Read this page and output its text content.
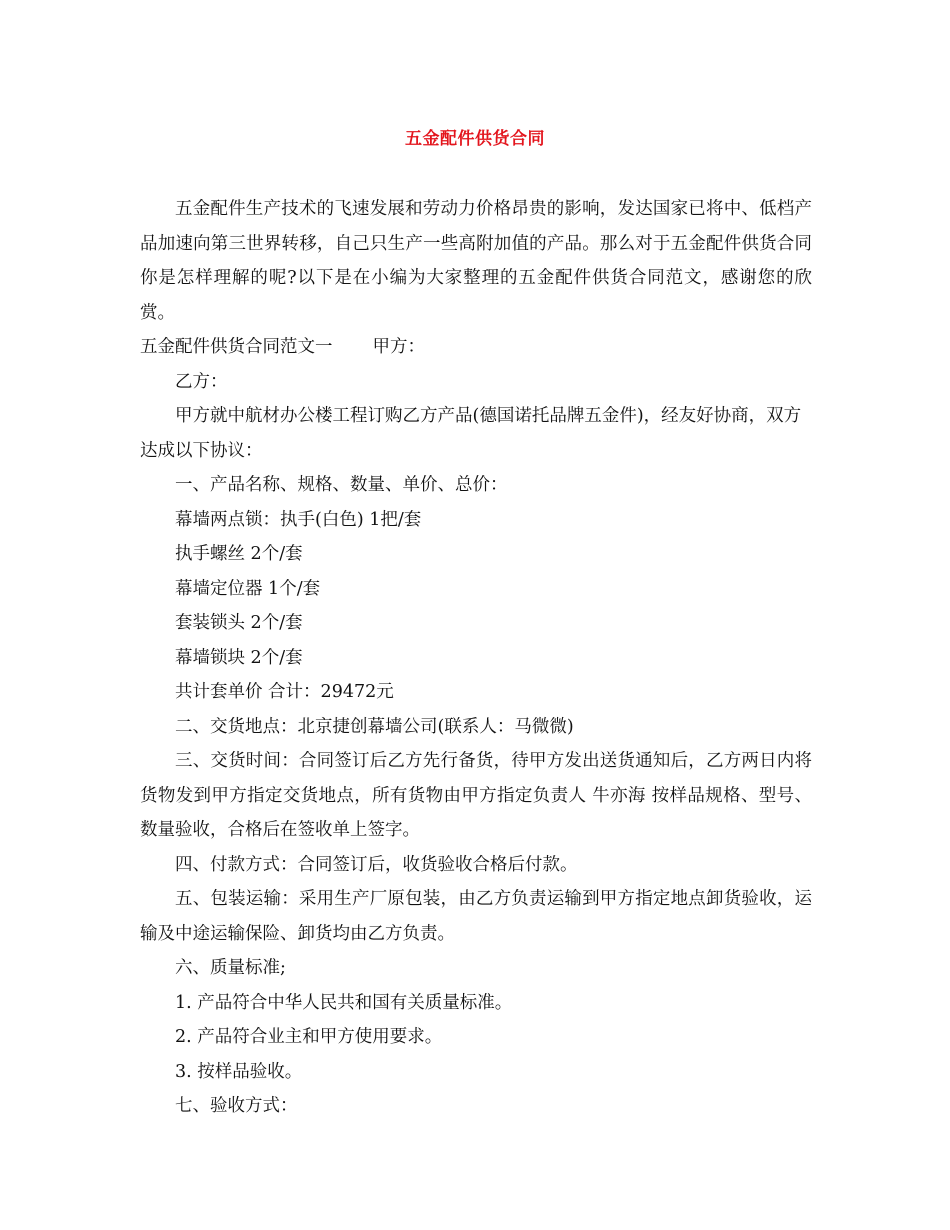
五金配件供货合同

五金配件生产技术的飞速发展和劳动力价格昂贵的影响，发达国家已将中、低档产品加速向第三世界转移，自己只生产一些高附加值的产品。那么对于五金配件供货合同你是怎样理解的呢?以下是在小编为大家整理的五金配件供货合同范文，感谢您的欣赏。

五金配件供货合同范文一 甲方：

乙方：

甲方就中航材办公楼工程订购乙方产品(德国诺托品牌五金件)，经友好协商，双方达成以下协议：

一、产品名称、规格、数量、单价、总价：

幕墙两点锁：执手(白色) 1把/套

执手螺丝 2个/套

幕墙定位器 1个/套

套装锁头 2个/套

幕墙锁块 2个/套

共计套单价 合计：29472元

二、交货地点：北京捷创幕墙公司(联系人：马微微)

三、交货时间：合同签订后乙方先行备货，待甲方发出送货通知后，乙方两日内将货物发到甲方指定交货地点，所有货物由甲方指定负责人 牛亦海 按样品规格、型号、数量验收，合格后在签收单上签字。

四、付款方式：合同签订后，收货验收合格后付款。

五、包装运输：采用生产厂原包装，由乙方负责运输到甲方指定地点卸货验收，运输及中途运输保险、卸货均由乙方负责。

六、质量标准;

1. 产品符合中华人民共和国有关质量标准。

2. 产品符合业主和甲方使用要求。

3. 按样品验收。

七、验收方式：
